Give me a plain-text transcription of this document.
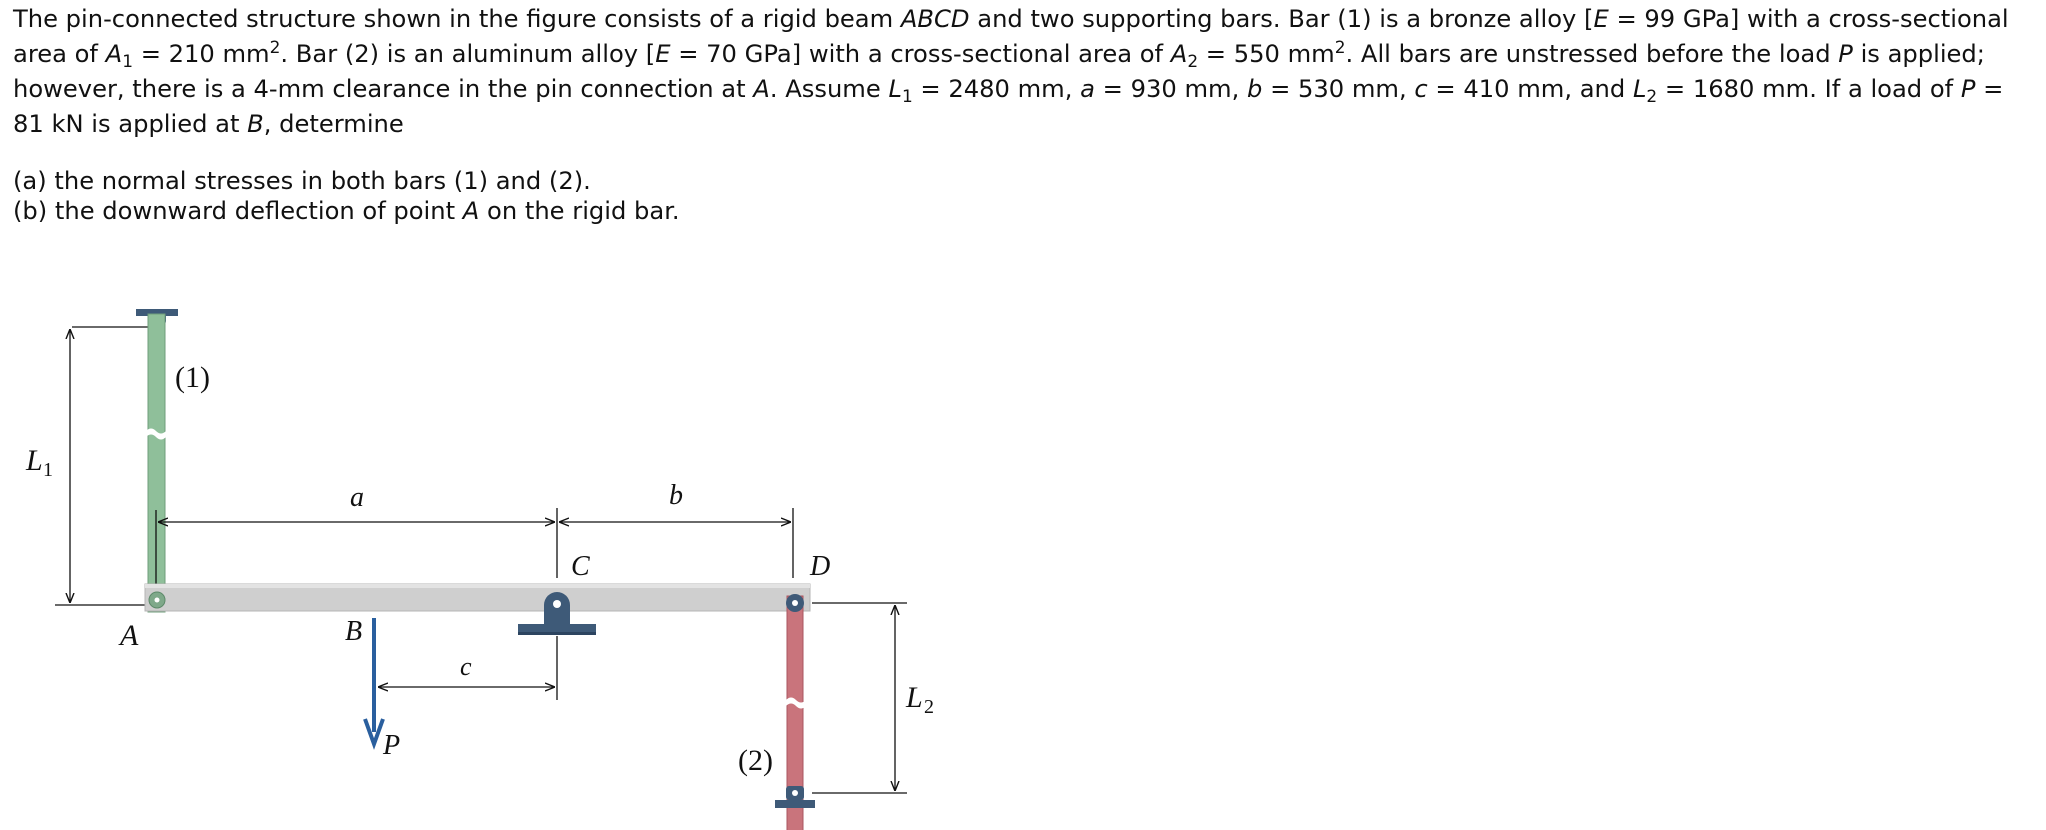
The pin-connected structure shown in the figure consists of a rigid beam ABCD and two supporting bars. Bar (1) is a bronze alloy [E = 99 GPa] with a cross-sectional area of $A_1 = 210$ $mm^2$. Bar (2) is an aluminum alloy [E = 70 GPa] with a cross-sectional area of $A_2 = 550$ $mm^2$. All bars are unstressed before the load P is applied; however, there is a 4-mm clearance in the pin connection at A. Assume $L_1 = 2480$ mm, a = 930 mm, b = 530 mm, c = 410 mm, and $L_2 = 1680$ mm. If a load of P = 81 kN is applied at B, determine

(a) the normal stresses in both bars (1) and (2).
(b) the downward deflection of point A on the rigid bar.

L 1
(1)
a	b
(2)
L 2
P
c
A	B
C	D
